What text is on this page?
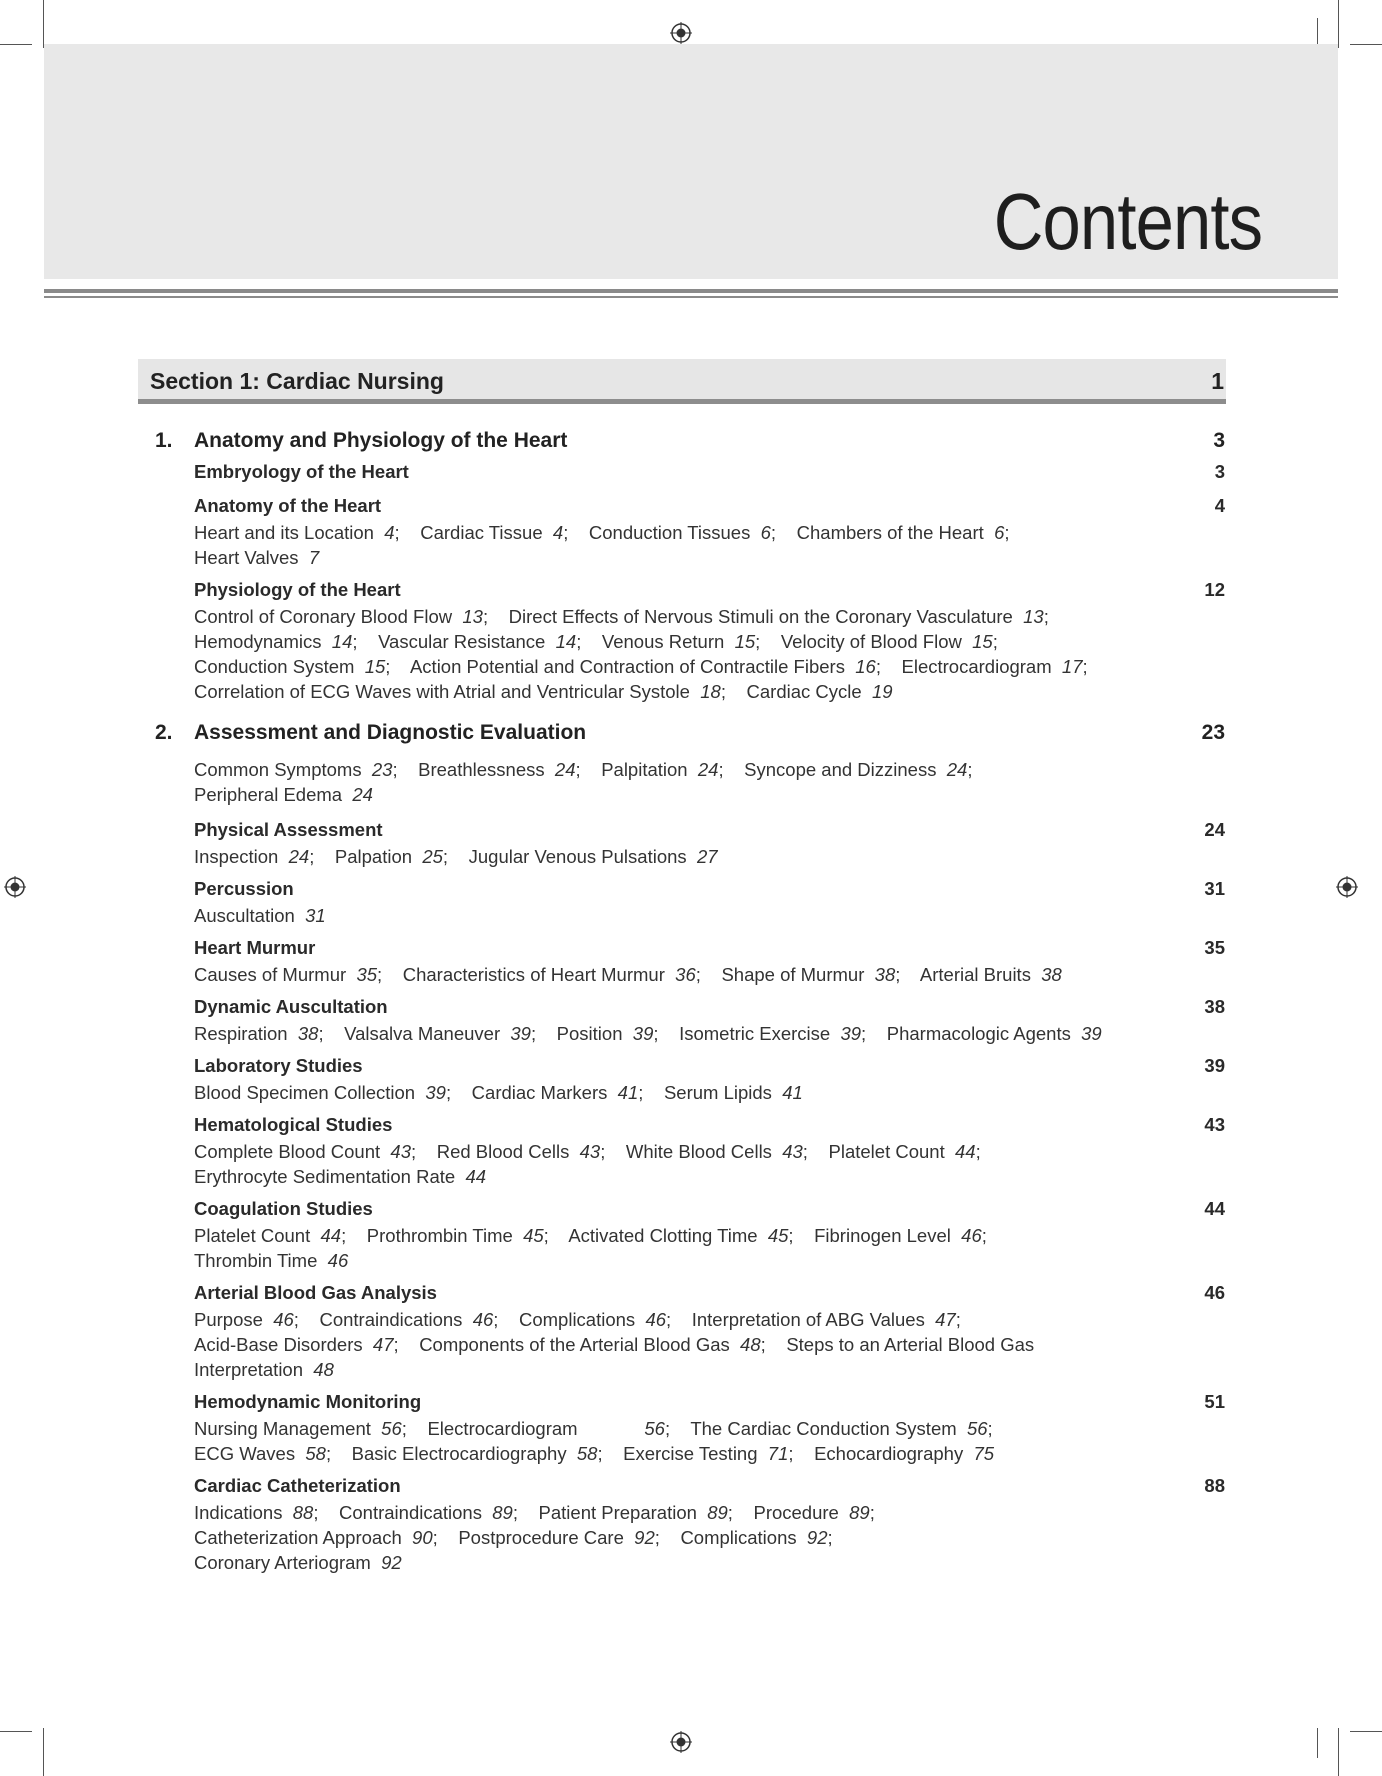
Contents
Section 1: Cardiac Nursing	1
1. Anatomy and Physiology of the Heart	3
Embryology of the Heart	3
Anatomy of the Heart	4
Heart and its Location 4;    Cardiac Tissue 4;    Conduction Tissues 6;    Chambers of the Heart 6;
Heart Valves 7
Physiology of the Heart	12
Control of Coronary Blood Flow 13;    Direct Effects of Nervous Stimuli on the Coronary Vasculature 13;
Hemodynamics 14;    Vascular Resistance 14;    Venous Return 15;    Velocity of Blood Flow 15;
Conduction System 15;    Action Potential and Contraction of Contractile Fibers 16;    Electrocardiogram 17;
Correlation of ECG Waves with Atrial and Ventricular Systole 18;    Cardiac Cycle 19
2. Assessment and Diagnostic Evaluation	23
Common Symptoms 23;    Breathlessness 24;    Palpitation 24;    Syncope and Dizziness 24;
Peripheral Edema 24
Physical Assessment	24
Inspection 24;    Palpation 25;    Jugular Venous Pulsations 27
Percussion	31
Auscultation 31
Heart Murmur	35
Causes of Murmur 35;    Characteristics of Heart Murmur 36;    Shape of Murmur 38;    Arterial Bruits 38
Dynamic Auscultation	38
Respiration 38;    Valsalva Maneuver 39;    Position 39;    Isometric Exercise 39;    Pharmacologic Agents 39
Laboratory Studies	39
Blood Specimen Collection 39;    Cardiac Markers 41;    Serum Lipids 41
Hematological Studies	43
Complete Blood Count 43;    Red Blood Cells 43;    White Blood Cells 43;    Platelet Count 44;
Erythrocyte Sedimentation Rate 44
Coagulation Studies	44
Platelet Count 44;    Prothrombin Time 45;    Activated Clotting Time 45;    Fibrinogen Level 46;
Thrombin Time 46
Arterial Blood Gas Analysis	46
Purpose 46;    Contraindications 46;    Complications 46;    Interpretation of ABG Values 47;
Acid-Base Disorders 47;    Components of the Arterial Blood Gas 48;    Steps to an Arterial Blood Gas
Interpretation 48
Hemodynamic Monitoring	51
Nursing Management 56;    Electrocardiogram             56;    The Cardiac Conduction System 56;
ECG Waves 58;    Basic Electrocardiography 58;    Exercise Testing 71;    Echocardiography 75
Cardiac Catheterization	88
Indications 88;    Contraindications 89;    Patient Preparation 89;    Procedure 89;
Catheterization Approach 90;    Postprocedure Care 92;    Complications 92;
Coronary Arteriogram 92
